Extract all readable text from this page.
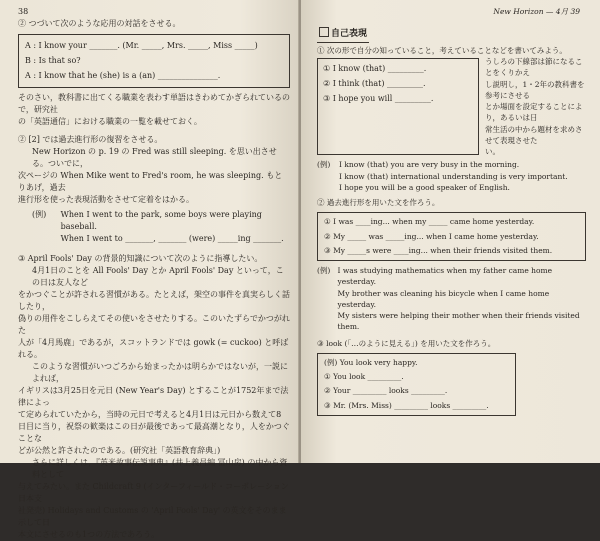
38

② つづいて次のような応用の対話をさせる。

A : I know your _______. (Mr. _____, Mrs. _____, Miss _____)

B : Is that so?

A : I know that he (she) is a (an) _______________.

そのさい，教科書に出てくる職業を表わす単語はきわめてかぎられているので，研究社

の「英語通信」における職業の一覧を載せておく。

② [2] では過去進行形の復習をさせる。

New Horizon の p. 19 の Fred was still sleeping. を思い出させる。ついでに，

次ページの When Mike went to Fred's room, he was sleeping. もとりあげ，過去

進行形を使った表現活動をさせて定着をはかる。

(例)	When I went to the park, some boys were playing baseball.

When I went to _______, _______ (were) _____ing _______.

③ April Fools' Day の背景的知識について次のように指導したい。

4月1日のことを All Fools' Day とか April Fools' Day といって，この日は友人など

をかつぐことが許される習慣がある。たとえば，架空の事件を真実らしく話したり，

偽りの用件をこしらえてその使いをさせたりする。このいたずらでかつがれた

人が「4月馬鹿」であるが，スコットランドでは gowk (= cuckoo) と呼ばれる。

このような習慣がいつごろから始まったかは明らかではないが，一説によれば，

イギリスは3月25日を元日 (New Year's Day) とすることが1752年まで法律によっ

て定められていたから，当時の元日で考えると4月1日は元日から数えて8

日目に当り，祝祭の歓楽はこの日が最後であって最高潮となり，人をかつぐことな

どが公然と許されたのである。(研究社「英語教育辞典」)

さらに詳しくは，『英米故事伝説事典』(井上義昌編 冨山房) の中から資料として

与えてみたい。また Childcraft 9 (インターフィールド・コーポレーション日本支

社発売) Holidays and Customs の 'April Fools' Day' の英文をそのまま示して日

本文にさせるのも1つの方法であろう。

New Horizon — 4月 39

自己表現

① 次の形で自分の知っていること，考えていることなどを書いてみよう。

① I know (that) _________.

② I think (that) _________.

③ I hope you will _________.

うしろの下線部は節になることをくりかえ

し説明し，1・2年の教科書を参考にさせる

とか場面を設定することにより，あるいは日

常生活の中から題材を求めさせて表現させた

い。

(例)	I know (that) you are very busy in the morning.

I know (that) international understanding is very important.

I hope you will be a good speaker of English.

② 過去進行形を用いた文を作ろう。

① I was ____ing... when my _____ came home yesterday.

② My _____ was _____ing... when I came home yesterday.

③ My _____s were ____ing... when their friends visited them.

(例) I was studying mathematics when my father came home yesterday.

My brother was cleaning his bicycle when I came home yesterday.

My sisters were helping their mother when their friends visited them.

③ look (「…のように見える」) を用いた文を作ろう。

(例) You look very happy.

① You look _________.

② Your _________ looks _________.

③ Mr. (Mrs. Miss) _________ looks _________.
